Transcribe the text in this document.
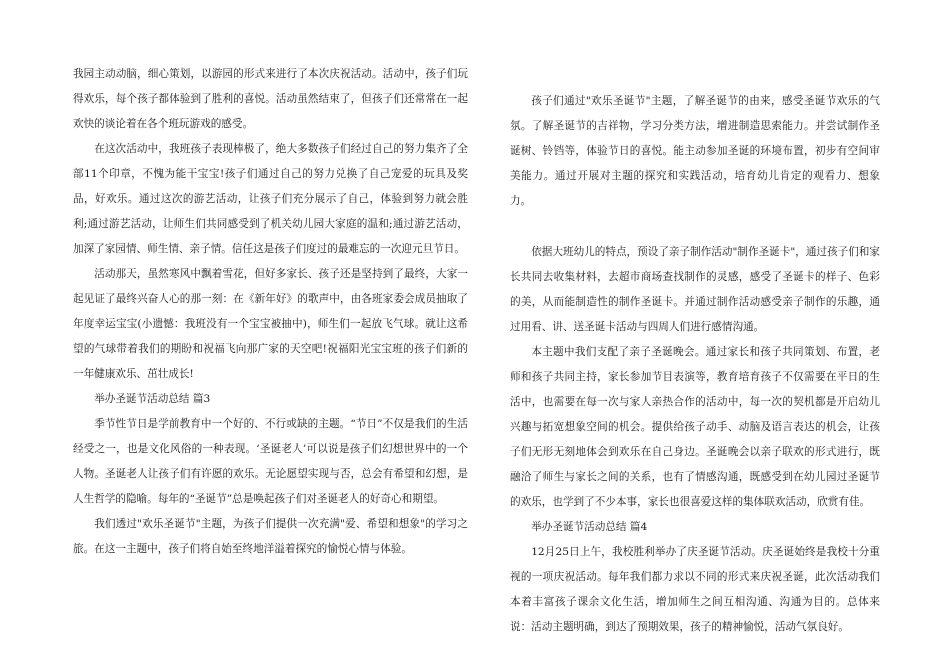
我园主动动脑，细心策划，以游园的形式来进行了本次庆祝活动。活动中，孩子们玩得欢乐，每个孩子都体验到了胜利的喜悦。活动虽然结束了，但孩子们还常常在一起欢快的谈论着在各个班玩游戏的感受。

在这次活动中，我班孩子表现棒极了，绝大多数孩子们经过自己的努力集齐了全部11个印章，不愧为能干宝宝!孩子们通过自己的努力兑换了自己宠爱的玩具及奖品，好欢乐。通过这次的游艺活动，让孩子们充分展示了自己，体验到努力就会胜利;通过游艺活动，让师生们共同感受到了机关幼儿园大家庭的温和;通过游艺活动，加深了家园情、师生情、亲子情。信任这是孩子们度过的最难忘的一次迎元旦节日。

活动那天，虽然寒风中飘着雪花，但好多家长、孩子还是坚持到了最终，大家一起见证了最终兴奋人心的那一刻：在《新年好》的歌声中，由各班家委会成员抽取了年度幸运宝宝(小遗憾：我班没有一个宝宝被抽中)，师生们一起放飞气球。就让这希望的气球带着我们的期盼和祝福飞向那广家的天空吧!祝福阳光宝宝班的孩子们新的一年健康欢乐、茁壮成长!

举办圣诞节活动总结 篇3

季节性节日是学前教育中一个好的、不行或缺的主题。“节日”不仅是我们的生活经受之一，也是文化风俗的一种表现。‘圣诞老人’可以说是孩子们幻想世界中的一个人物。圣诞老人让孩子们有许愿的欢乐。无论愿望实现与否，总会有希望和幻想，是人生哲学的隐喻。每年的“圣诞节”总是唤起孩子们对圣诞老人的好奇心和期望。

我们透过"欢乐圣诞节"主题，为孩子们提供一次充满"爱、希望和想象"的学习之旅。在这一主题中，孩子们将自始至终地洋溢着探究的愉悦心情与体验。

孩子们通过"欢乐圣诞节"主题，了解圣诞节的由来，感受圣诞节欢乐的气氛。了解圣诞节的吉祥物，学习分类方法，增进制造思索能力。并尝试制作圣诞树、铃铛等，体验节日的喜悦。能主动参加圣诞的环境布置，初步有空间审美能力。通过开展对主题的探究和实践活动，培育幼儿肯定的观看力、想象力。

依据大班幼儿的特点，预设了亲子制作活动"制作圣诞卡"，通过孩子们和家长共同去收集材料，去超市商场查找制作的灵感，感受了圣诞卡的样子、色彩的美，从而能制造性的制作圣诞卡。并通过制作活动感受亲子制作的乐趣，通过用看、讲、送圣诞卡活动与四周人们进行感情沟通。

本主题中我们支配了亲子圣诞晚会。通过家长和孩子共同策划、布置，老师和孩子共同主持，家长参加节目表演等，教育培育孩子不仅需要在平日的生活中，也需要在每一次与家人亲热合作的活动中，每一次的契机都是开启幼儿兴趣与拓宽想象空间的机会。提供给孩子动手、动脑及语言表达的机会，让孩子们无形无刻地体会到欢乐在自己身边。圣诞晚会以亲子联欢的形式进行，既融洽了师生与家长之间的关系，也有了情感沟通，既感受到在幼儿园过圣诞节的欢乐，也学到了不少本事，家长也很喜爱这样的集体联欢活动，欣赏有佳。

举办圣诞节活动总结 篇4

12月25日上午，我校胜利举办了庆圣诞节活动。庆圣诞始终是我校十分重视的一项庆祝活动。每年我们都力求以不同的形式来庆祝圣诞，此次活动我们本着丰富孩子课余文化生活，增加师生之间互相沟通、沟通为目的。总体来说：活动主题明确，到达了预期效果，孩子的精神愉悦，活动气氛良好。
